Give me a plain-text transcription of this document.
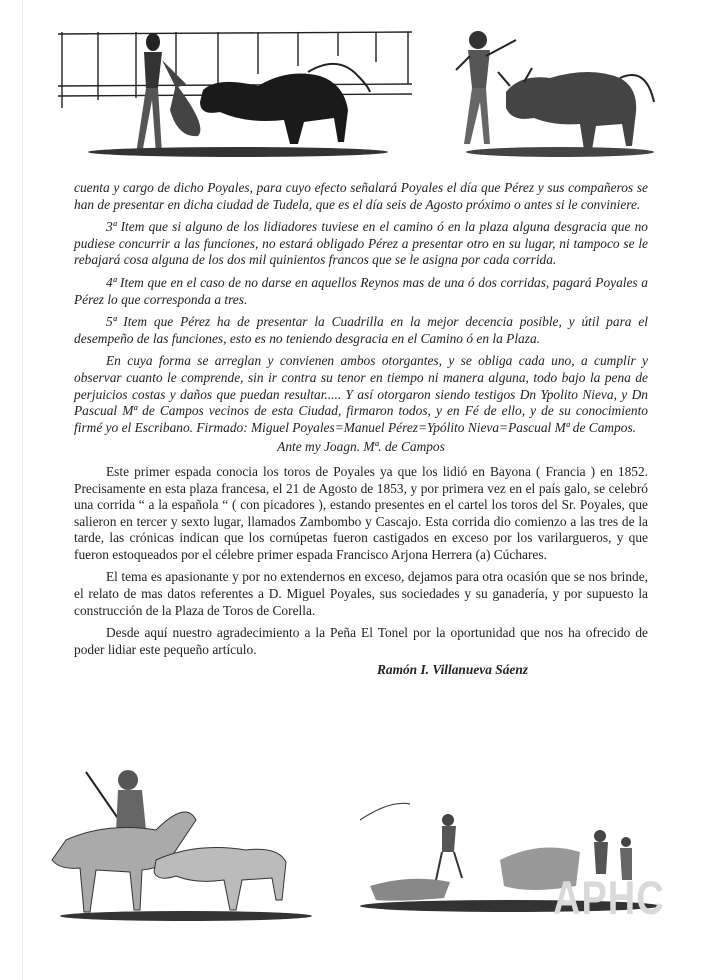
cuenta y cargo de dicho Poyales, para cuyo efecto señalará Poyales el día que Pérez y sus compañeros se han de presentar en dicha ciudad de Tudela, que es el día seis de Agosto próximo o antes si le conviniere.

3ª Item que si alguno de los lidiadores tuviese en el camino ó en la plaza alguna desgracia que no pudiese concurrir a las funciones, no estará obligado Pérez a presentar otro en su lugar, ni tampoco se le rebajará cosa alguna de los dos mil quinientos francos que se le asigna por cada corrida.

4ª Item que en el caso de no darse en aquellos Reynos mas de una ó dos corridas, pagará Poyales a Pérez lo que corresponda a tres.

5ª Item que Pérez ha de presentar la Cuadrilla en la mejor decencia posible, y útil para el desempeño de las funciones, esto es no teniendo desgracia en el Camino ó en la Plaza.

En cuya forma se arreglan y convienen ambos otorgantes, y se obliga cada uno, a cumplir y observar cuanto le comprende, sin ir contra su tenor en tiempo ni manera alguna, todo bajo la pena de perjuicios costas y daños que puedan resultar..... Y así otorgaron siendo testigos Dn Ypolito Nieva, y Dn Pascual Mª de Campos vecinos de esta Ciudad, firmaron todos, y en Fé de ello, y de su conocimiento firmé yo el Escribano. Firmado: Miguel Poyales=Manuel Pérez=Ypólito Nieva=Pascual Mª de Campos.

Ante my Joagn. Mª. de Campos

Este primer espada conocia los toros de Poyales ya que los lidió en Bayona ( Francia ) en 1852. Precisamente en esta plaza francesa, el 21 de Agosto de 1853, y por primera vez en el país galo, se celebró una corrida “ a la española “ ( con picadores ), estando presentes en el cartel los toros del Sr. Poyales, que salieron en tercer y sexto lugar, llamados Zambombo y Cascajo. Esta corrida dio comienzo a las tres de la tarde, las crónicas indican que los cornúpetas fueron castigados en exceso por los varilargueros, y que fueron estoqueados por el célebre primer espada Francisco Arjona Herrera (a) Cúchares.

El tema es apasionante y por no extendernos en exceso, dejamos para otra ocasión que se nos brinde, el relato de mas datos referentes a D. Miguel Poyales, sus sociedades y su ganadería, y por supuesto la construcción de la Plaza de Toros de Corella.

Desde aquí nuestro agradecimiento a la Peña El Tonel por la oportunidad que nos ha ofrecido de poder lidiar este pequeño artículo.

Ramón I. Villanueva Sáenz

APHC
